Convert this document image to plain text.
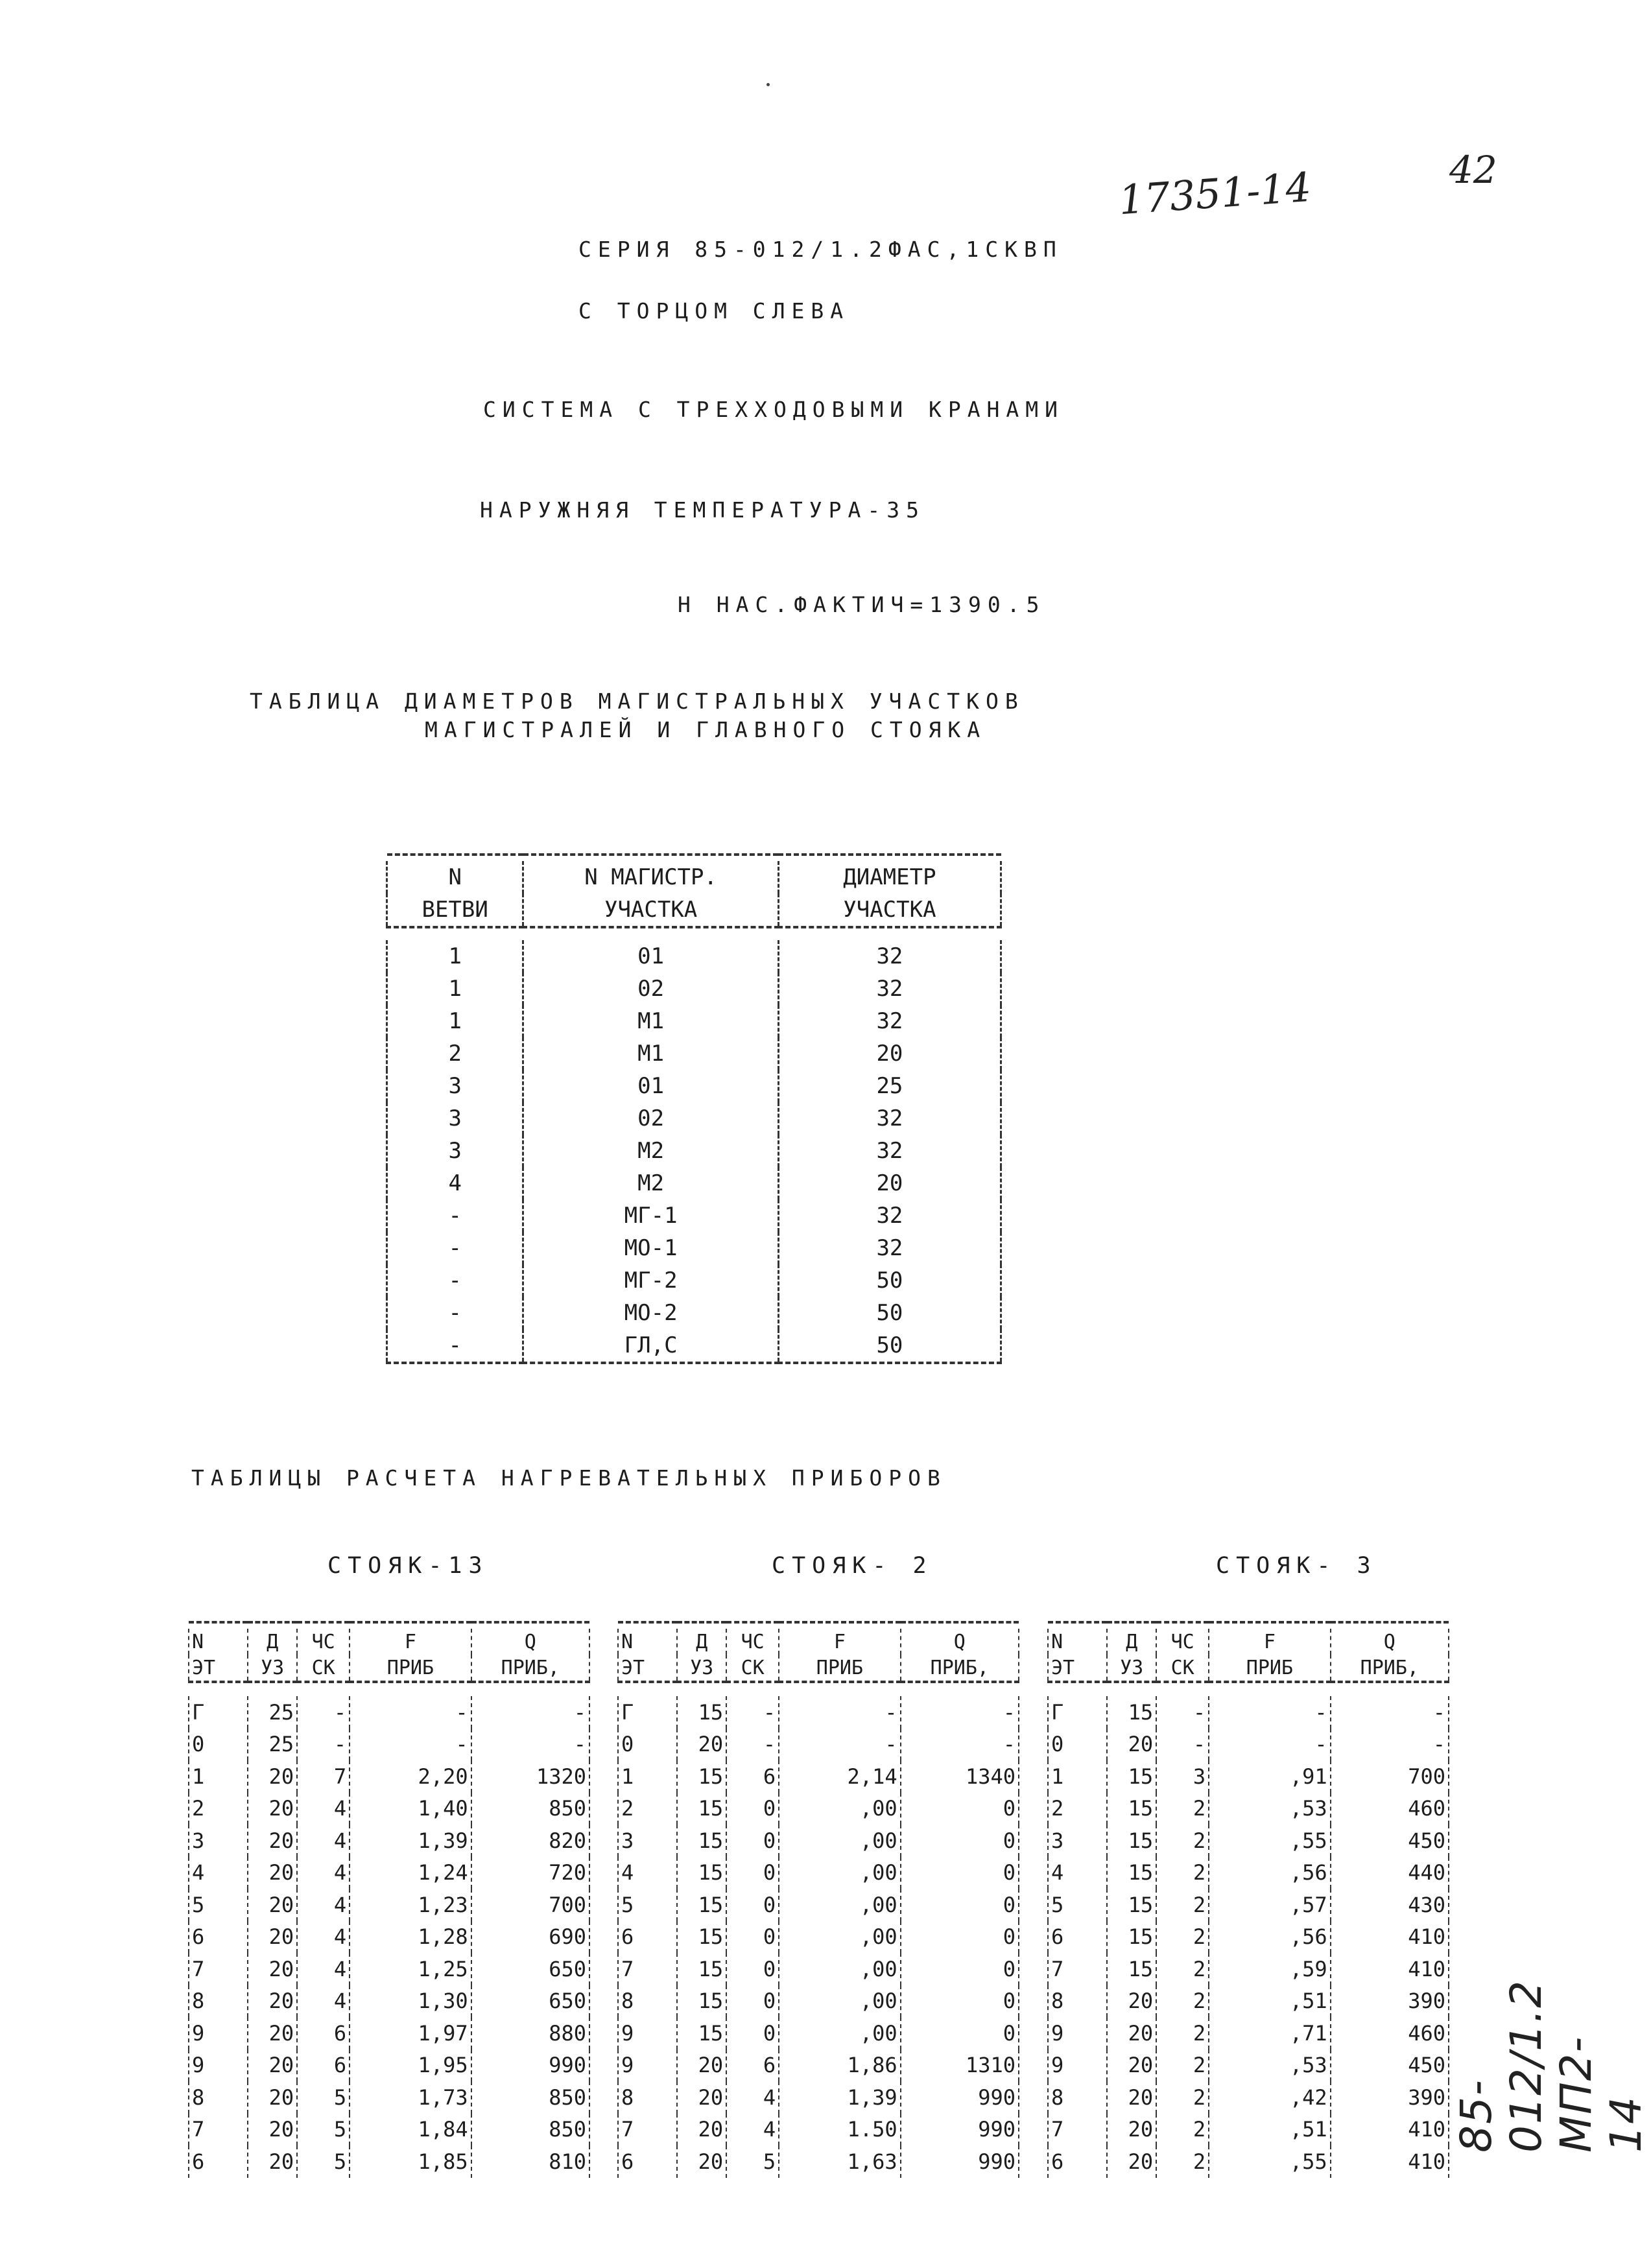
42
17351-14
СЕРИЯ 85-012/1.2ФАС,1СКВП
С ТОРЦОМ СЛЕВА
СИСТЕМА С ТРЕХХОДОВЫМИ КРАНАМИ
НАРУЖНЯЯ ТЕМПЕРАТУРА-35
Н НАС.ФАКТИЧ=1390.5
ТАБЛИЦА ДИАМЕТРОВ МАГИСТРАЛЬНЫХ УЧАСТКОВ
МАГИСТРАЛЕЙ И ГЛАВНОГО СТОЯКА

N	N МАГИСТР.	ДИАМЕТР
ВЕТВИ	УЧАСТКА	УЧАСТКА

1	01	32
1	02	32
1	М1	32
2	М1	20
3	01	25
3	02	32
3	М2	32
4	М2	20
-	МГ-1	32
-	МО-1	32
-	МГ-2	50
-	МО-2	50
-	ГЛ,С	50

ТАБЛИЦЫ РАСЧЕТА НАГРЕВАТЕЛЬНЫХ ПРИБОРОВ
СТОЯК-13

N	Д	ЧС	F	Q
ЭТ	УЗ	СК	ПРИБ	ПРИБ,

Г	25	-	-	-
0	25	-	-	-
1	20	7	2,20	1320
2	20	4	1,40	850
3	20	4	1,39	820
4	20	4	1,24	720
5	20	4	1,23	700
6	20	4	1,28	690
7	20	4	1,25	650
8	20	4	1,30	650
9	20	6	1,97	880
9	20	6	1,95	990
8	20	5	1,73	850
7	20	5	1,84	850
6	20	5	1,85	810

СТОЯК- 2

N	Д	ЧС	F	Q
ЭТ	УЗ	СК	ПРИБ	ПРИБ,

Г	15	-	-	-
0	20	-	-	-
1	15	6	2,14	1340
2	15	0	,00	0
3	15	0	,00	0
4	15	0	,00	0
5	15	0	,00	0
6	15	0	,00	0
7	15	0	,00	0
8	15	0	,00	0
9	15	0	,00	0
9	20	6	1,86	1310
8	20	4	1,39	990
7	20	4	1.50	990
6	20	5	1,63	990

СТОЯК- 3

N	Д	ЧС	F	Q
ЭТ	УЗ	СК	ПРИБ	ПРИБ,

Г	15	-	-	-
0	20	-	-	-
1	15	3	,91	700
2	15	2	,53	460
3	15	2	,55	450
4	15	2	,56	440
5	15	2	,57	430
6	15	2	,56	410
7	15	2	,59	410
8	20	2	,51	390
9	20	2	,71	460
9	20	2	,53	450
8	20	2	,42	390
7	20	2	,51	410
6	20	2	,55	410

85-012/1.2 МП2-14
